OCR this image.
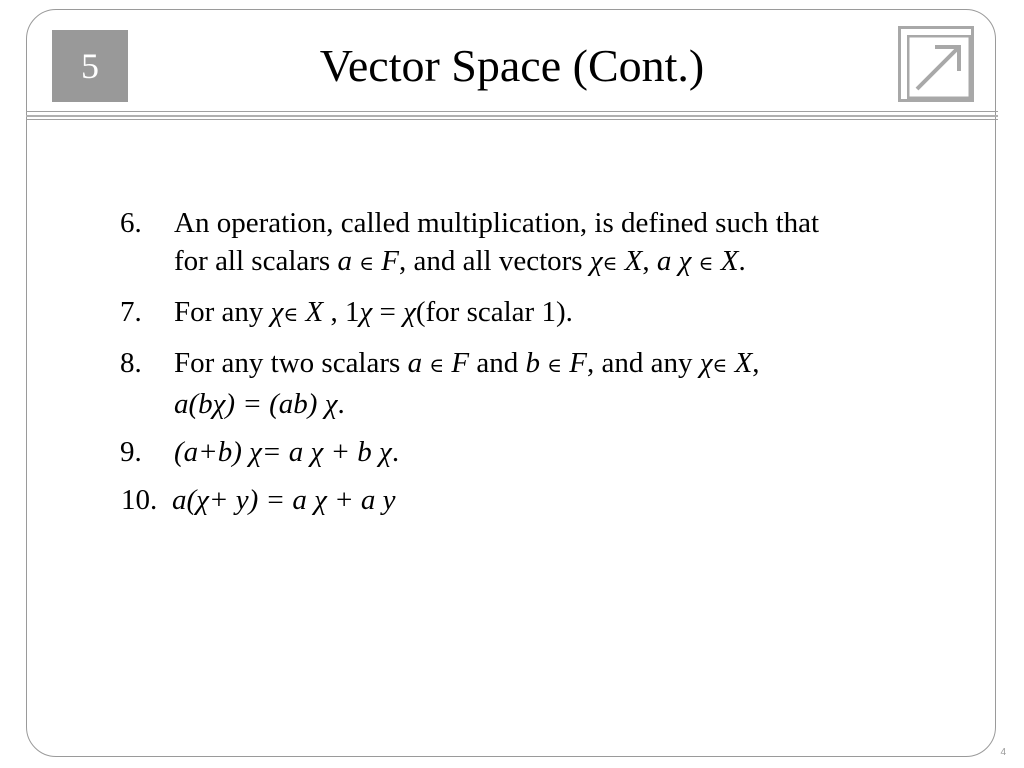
5	Vector Space (Cont.)
6. An operation, called multiplication, is defined such that
for all scalars a ∈ F, and all vectors χ∈ X, a χ ∈ X.
7. For any χ∈ X , 1χ = χ(for scalar 1).
8. For any two scalars a ∈ F and b ∈ F, and any χ∈ X,
a(bχ) = (ab) χ.
9. (a+b) χ= a χ + b χ.
10. a(χ+ y) = a χ + a y
4
